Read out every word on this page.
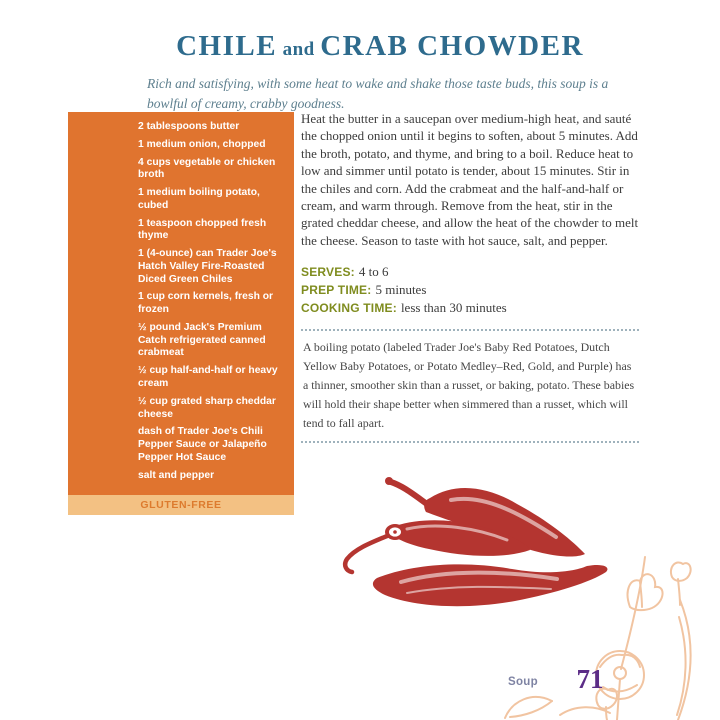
CHILE and CRAB CHOWDER
Rich and satisfying, with some heat to wake and shake those taste buds, this soup is a bowlful of creamy, crabby goodness.
2 tablespoons butter
1 medium onion, chopped
4 cups vegetable or chicken broth
1 medium boiling potato, cubed
1 teaspoon chopped fresh thyme
1 (4-ounce) can Trader Joe's Hatch Valley Fire-Roasted Diced Green Chiles
1 cup corn kernels, fresh or frozen
½ pound Jack's Premium Catch refrigerated canned crabmeat
½ cup half-and-half or heavy cream
½ cup grated sharp cheddar cheese
dash of Trader Joe's Chili Pepper Sauce or Jalapeño Pepper Hot Sauce
salt and pepper
GLUTEN-FREE
Heat the butter in a saucepan over medium-high heat, and sauté the chopped onion until it begins to soften, about 5 minutes. Add the broth, potato, and thyme, and bring to a boil. Reduce heat to low and simmer until potato is tender, about 15 minutes. Stir in the chiles and corn. Add the crabmeat and the half-and-half or cream, and warm through. Remove from the heat, stir in the grated cheddar cheese, and allow the heat of the chowder to melt the cheese. Season to taste with hot sauce, salt, and pepper.
SERVES: 4 to 6
PREP TIME: 5 minutes
COOKING TIME: less than 30 minutes
A boiling potato (labeled Trader Joe's Baby Red Potatoes, Dutch Yellow Baby Potatoes, or Potato Medley–Red, Gold, and Purple) has a thinner, smoother skin than a russet, or baking, potato. These babies will hold their shape better when simmered than a russet, which will tend to fall apart.
Soup	71
